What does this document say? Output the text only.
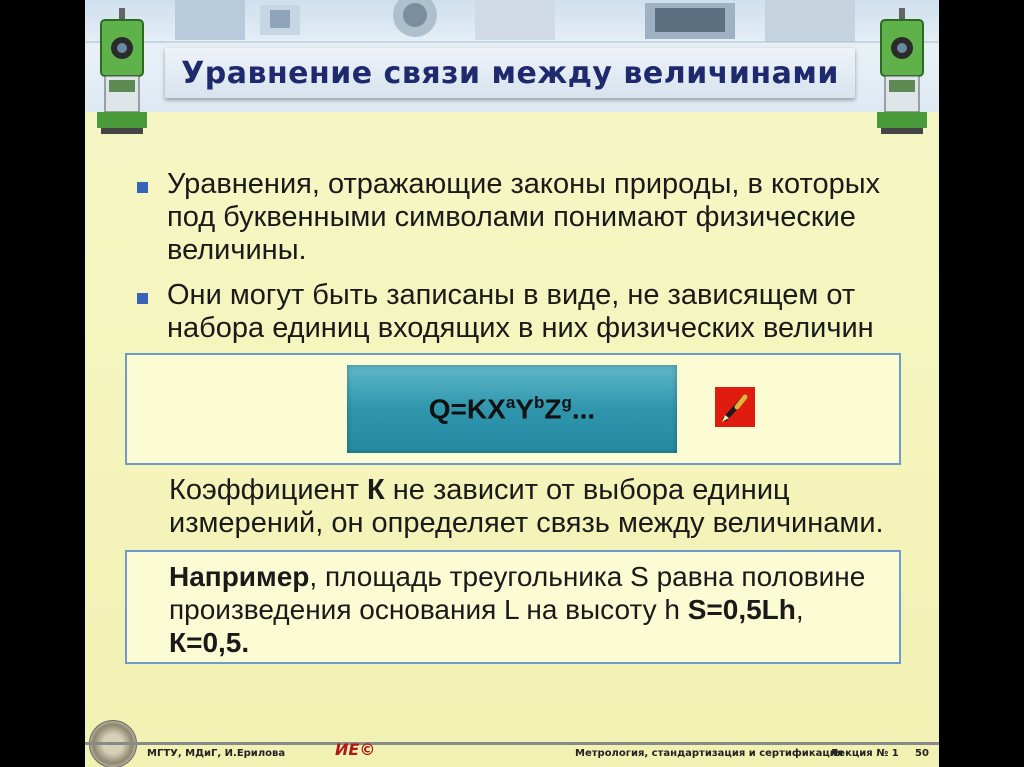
Уравнение связи между величинами
Уравнения, отражающие законы природы, в которых под буквенными символами понимают физические величины.
Они могут быть записаны в виде, не зависящем от набора единиц входящих в них физических величин
$Q=KX^aY^bZ^g$...
Коэффициент К не зависит от выбора единиц измерений, он определяет связь между величинами.
Например, площадь треугольника S равна половине произведения основания L на высоту h S=0,5Lh, К=0,5.
МГТУ, МДиГ, И.Ерилова	ИЕ©	Метрология, стандартизация и сертификация
Лекция № 1 50
